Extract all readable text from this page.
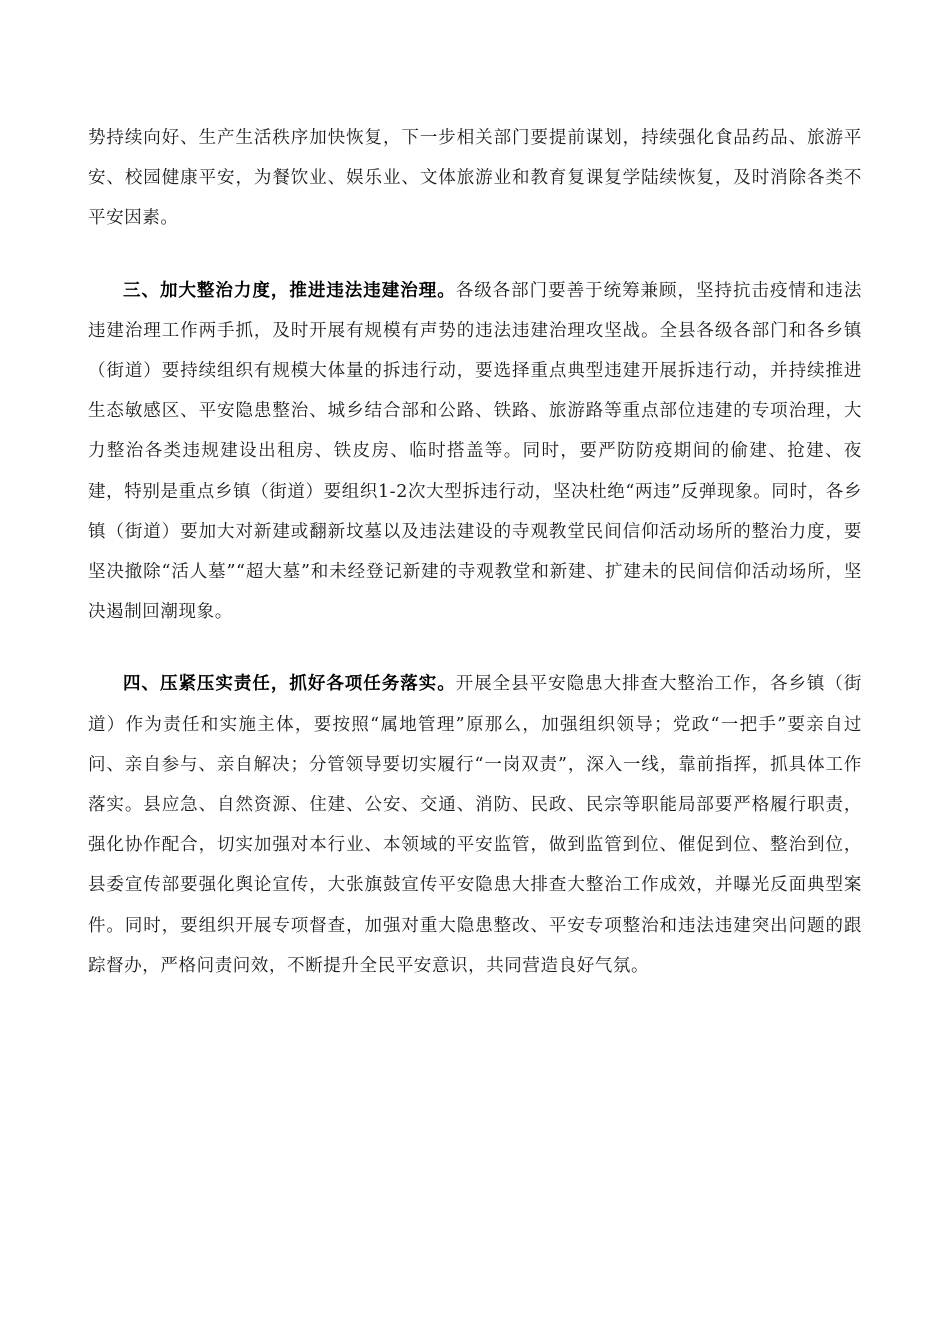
势持续向好、生产生活秩序加快恢复，下一步相关部门要提前谋划，持续强化食品药品、旅游平安、校园健康平安，为餐饮业、娱乐业、文体旅游业和教育复课复学陆续恢复，及时消除各类不平安因素。

三、加大整治力度，推进违法违建治理。各级各部门要善于统筹兼顾，坚持抗击疫情和违法违建治理工作两手抓，及时开展有规模有声势的违法违建治理攻坚战。全县各级各部门和各乡镇（街道）要持续组织有规模大体量的拆违行动，要选择重点典型违建开展拆违行动，并持续推进生态敏感区、平安隐患整治、城乡结合部和公路、铁路、旅游路等重点部位违建的专项治理，大力整治各类违规建设出租房、铁皮房、临时搭盖等。同时，要严防防疫期间的偷建、抢建、夜建，特别是重点乡镇（街道）要组织1-2次大型拆违行动，坚决杜绝“两违”反弹现象。同时，各乡镇（街道）要加大对新建或翻新坟墓以及违法建设的寺观教堂民间信仰活动场所的整治力度，要坚决撤除“活人墓”“超大墓”和未经登记新建的寺观教堂和新建、扩建未的民间信仰活动场所，坚决遏制回潮现象。

四、压紧压实责任，抓好各项任务落实。开展全县平安隐患大排查大整治工作，各乡镇（街道）作为责任和实施主体，要按照“属地管理”原那么，加强组织领导；党政“一把手”要亲自过问、亲自参与、亲自解决；分管领导要切实履行“一岗双责”，深入一线，靠前指挥，抓具体工作落实。县应急、自然资源、住建、公安、交通、消防、民政、民宗等职能局部要严格履行职责，强化协作配合，切实加强对本行业、本领域的平安监管，做到监管到位、催促到位、整治到位，县委宣传部要强化舆论宣传，大张旗鼓宣传平安隐患大排查大整治工作成效，并曝光反面典型案件。同时，要组织开展专项督查，加强对重大隐患整改、平安专项整治和违法违建突出问题的跟踪督办，严格问责问效，不断提升全民平安意识，共同营造良好气氛。
